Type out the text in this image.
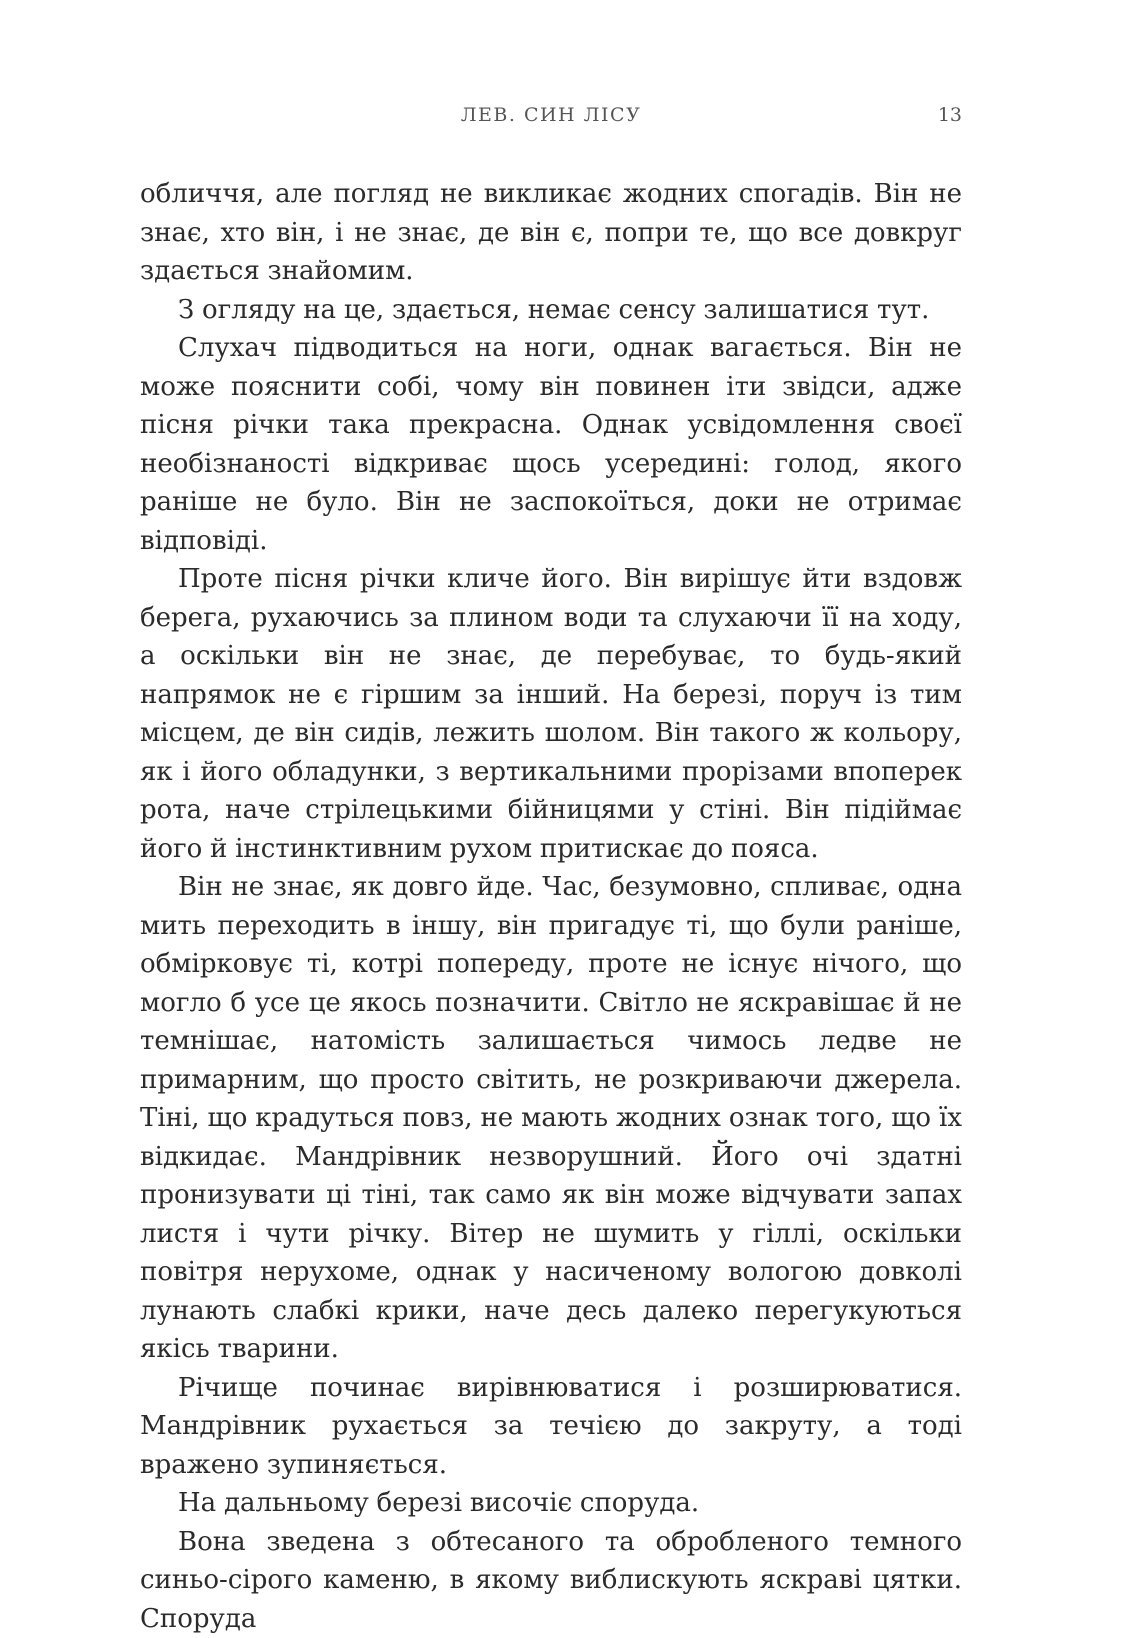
ЛЕВ. СИН ЛІСУ	13

обличчя, але погляд не викликає жодних спогадів. Він не знає, хто він, і не знає, де він є, попри те, що все довкруг здається знайомим.

З огляду на це, здається, немає сенсу залишатися тут.

Слухач підводиться на ноги, однак вагається. Він не може пояснити собі, чому він повинен іти звідси, адже пісня річки така прекрасна. Однак усвідомлення своєї необізнаності відкриває щось усередині: голод, якого раніше не було. Він не заспокоїться, доки не отримає відповіді.

Проте пісня річки кличе його. Він вирішує йти вздовж берега, рухаючись за плином води та слухаючи її на ходу, а оскільки він не знає, де перебуває, то будь-який напрямок не є гіршим за інший. На березі, поруч із тим місцем, де він сидів, лежить шолом. Він такого ж кольору, як і його обладунки, з вертикальними прорізами впоперек рота, наче стрілецькими бійницями у стіні. Він підіймає його й інстинктивним рухом притискає до пояса.

Він не знає, як довго йде. Час, безумовно, спливає, одна мить переходить в іншу, він пригадує ті, що були раніше, обмірковує ті, котрі попереду, проте не існує нічого, що могло б усе це якось позначити. Світло не яскравішає й не темнішає, натомість залишається чимось ледве не примарним, що просто світить, не розкриваючи джерела. Тіні, що крадуться повз, не мають жодних ознак того, що їх відкидає. Мандрівник незворушний. Його очі здатні пронизувати ці тіні, так само як він може відчувати запах листя і чути річку. Вітер не шумить у гіллі, оскільки повітря нерухоме, однак у насиченому вологою довколі лунають слабкі крики, наче десь далеко перегукуються якісь тварини.

Річище починає вирівнюватися і розширюватися. Мандрівник рухається за течією до закруту, а тоді вражено зупиняється.

На дальньому березі височіє споруда.

Вона зведена з обтесаного та обробленого темного синьо-сірого каменю, в якому виблискують яскраві цятки. Споруда
